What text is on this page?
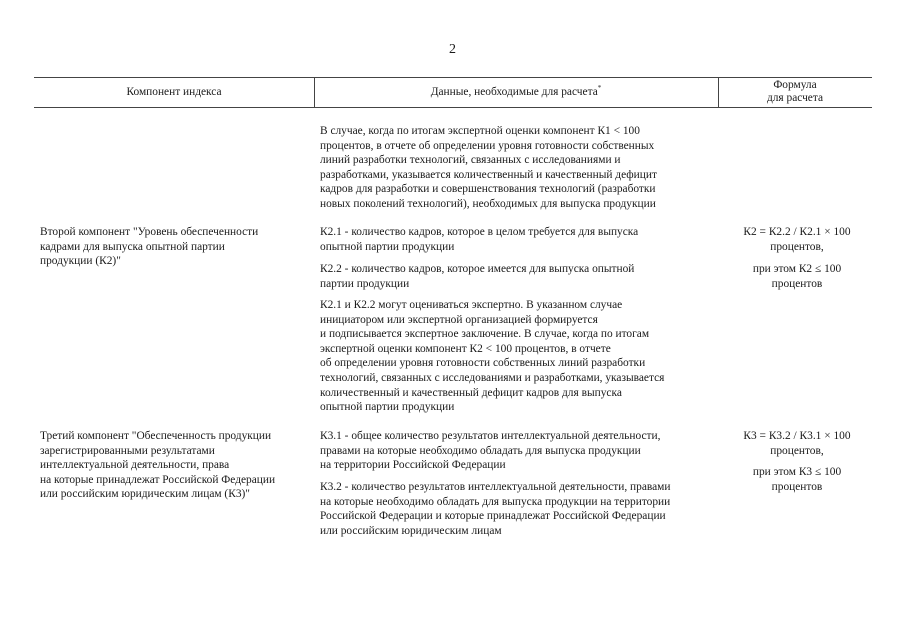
2
Компонент индекса	Данные, необходимые для расчета*	Формула
для расчета
В случае, когда по итогам экспертной оценки компонент К1 < 100
процентов, в отчете об определении уровня готовности собственных
линий разработки технологий, связанных с исследованиями и
разработками, указывается количественный и качественный дефицит
кадров для разработки и совершенствования технологий (разработки
новых поколений технологий), необходимых для выпуска продукции
Второй компонент "Уровень обеспеченности
кадрами для выпуска опытной партии
продукции (К2)"
К2.1 - количество кадров, которое в целом требуется для выпуска
опытной партии продукции
К2.2 - количество кадров, которое имеется для выпуска опытной
партии продукции
К2.1 и К2.2 могут оцениваться экспертно. В указанном случае
инициатором или экспертной организацией формируется
и подписывается экспертное заключение. В случае, когда по итогам
экспертной оценки компонент К2 < 100 процентов, в отчете
об определении уровня готовности собственных линий разработки
технологий, связанных с исследованиями и разработками, указывается
количественный и качественный дефицит кадров для выпуска
опытной партии продукции
К2 = К2.2 / К2.1 × 100
процентов,
при этом К2 ≤ 100
процентов
Третий компонент "Обеспеченность продукции
зарегистрированными результатами
интеллектуальной деятельности, права
на которые принадлежат Российской Федерации
или российским юридическим лицам (К3)"
К3.1 - общее количество результатов интеллектуальной деятельности,
правами на которые необходимо обладать для выпуска продукции
на территории Российской Федерации
К3.2 - количество результатов интеллектуальной деятельности, правами
на которые необходимо обладать для выпуска продукции на территории
Российской Федерации и которые принадлежат Российской Федерации
или российским юридическим лицам
К3 = К3.2 / К3.1 × 100
процентов,
при этом К3 ≤ 100
процентов
